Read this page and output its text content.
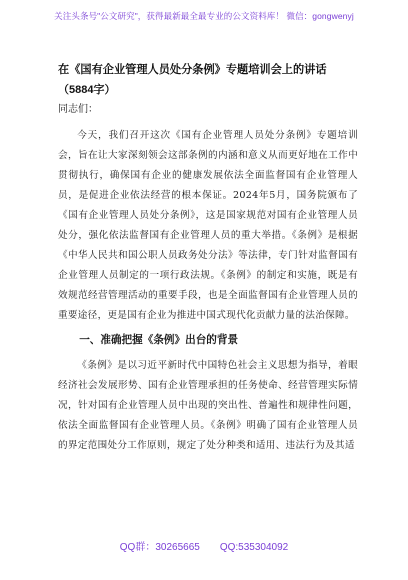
关注头条号"公文研究"，获得最新最全最专业的公文资料库！ 微信：gongwenyj

在《国有企业管理人员处分条例》专题培训会上的讲话

（5884字）

同志们：

今天，我们召开这次《国有企业管理人员处分条例》专题培训会，旨在让大家深刻领会这部条例的内涵和意义从而更好地在工作中贯彻执行，确保国有企业的健康发展依法全面监督国有企业管理人员，是促进企业依法经营的根本保证。2024年5月，国务院颁布了《国有企业管理人员处分条例》，这是国家规范对国有企业管理人员处分，强化依法监督国有企业管理人员的重大举措。《条例》是根据《中华人民共和国公职人员政务处分法》等法律，专门针对监督国有企业管理人员制定的一项行政法规。《条例》的制定和实施，既是有效规范经营管理活动的重要手段，也是全面监督国有企业管理人员的重要途径，更是国有企业为推进中国式现代化贡献力量的法治保障。

一、准确把握《条例》出台的背景

《条例》是以习近平新时代中国特色社会主义思想为指导，着眼经济社会发展形势、国有企业管理承担的任务使命、经营管理实际情况，针对国有企业管理人员中出现的突出性、普遍性和规律性问题，依法全面监督国有企业管理人员。《条例》明确了国有企业管理人员的界定范围处分工作原则，规定了处分种类和适用、违法行为及其适

QQ群：30265665 QQ:535304092
